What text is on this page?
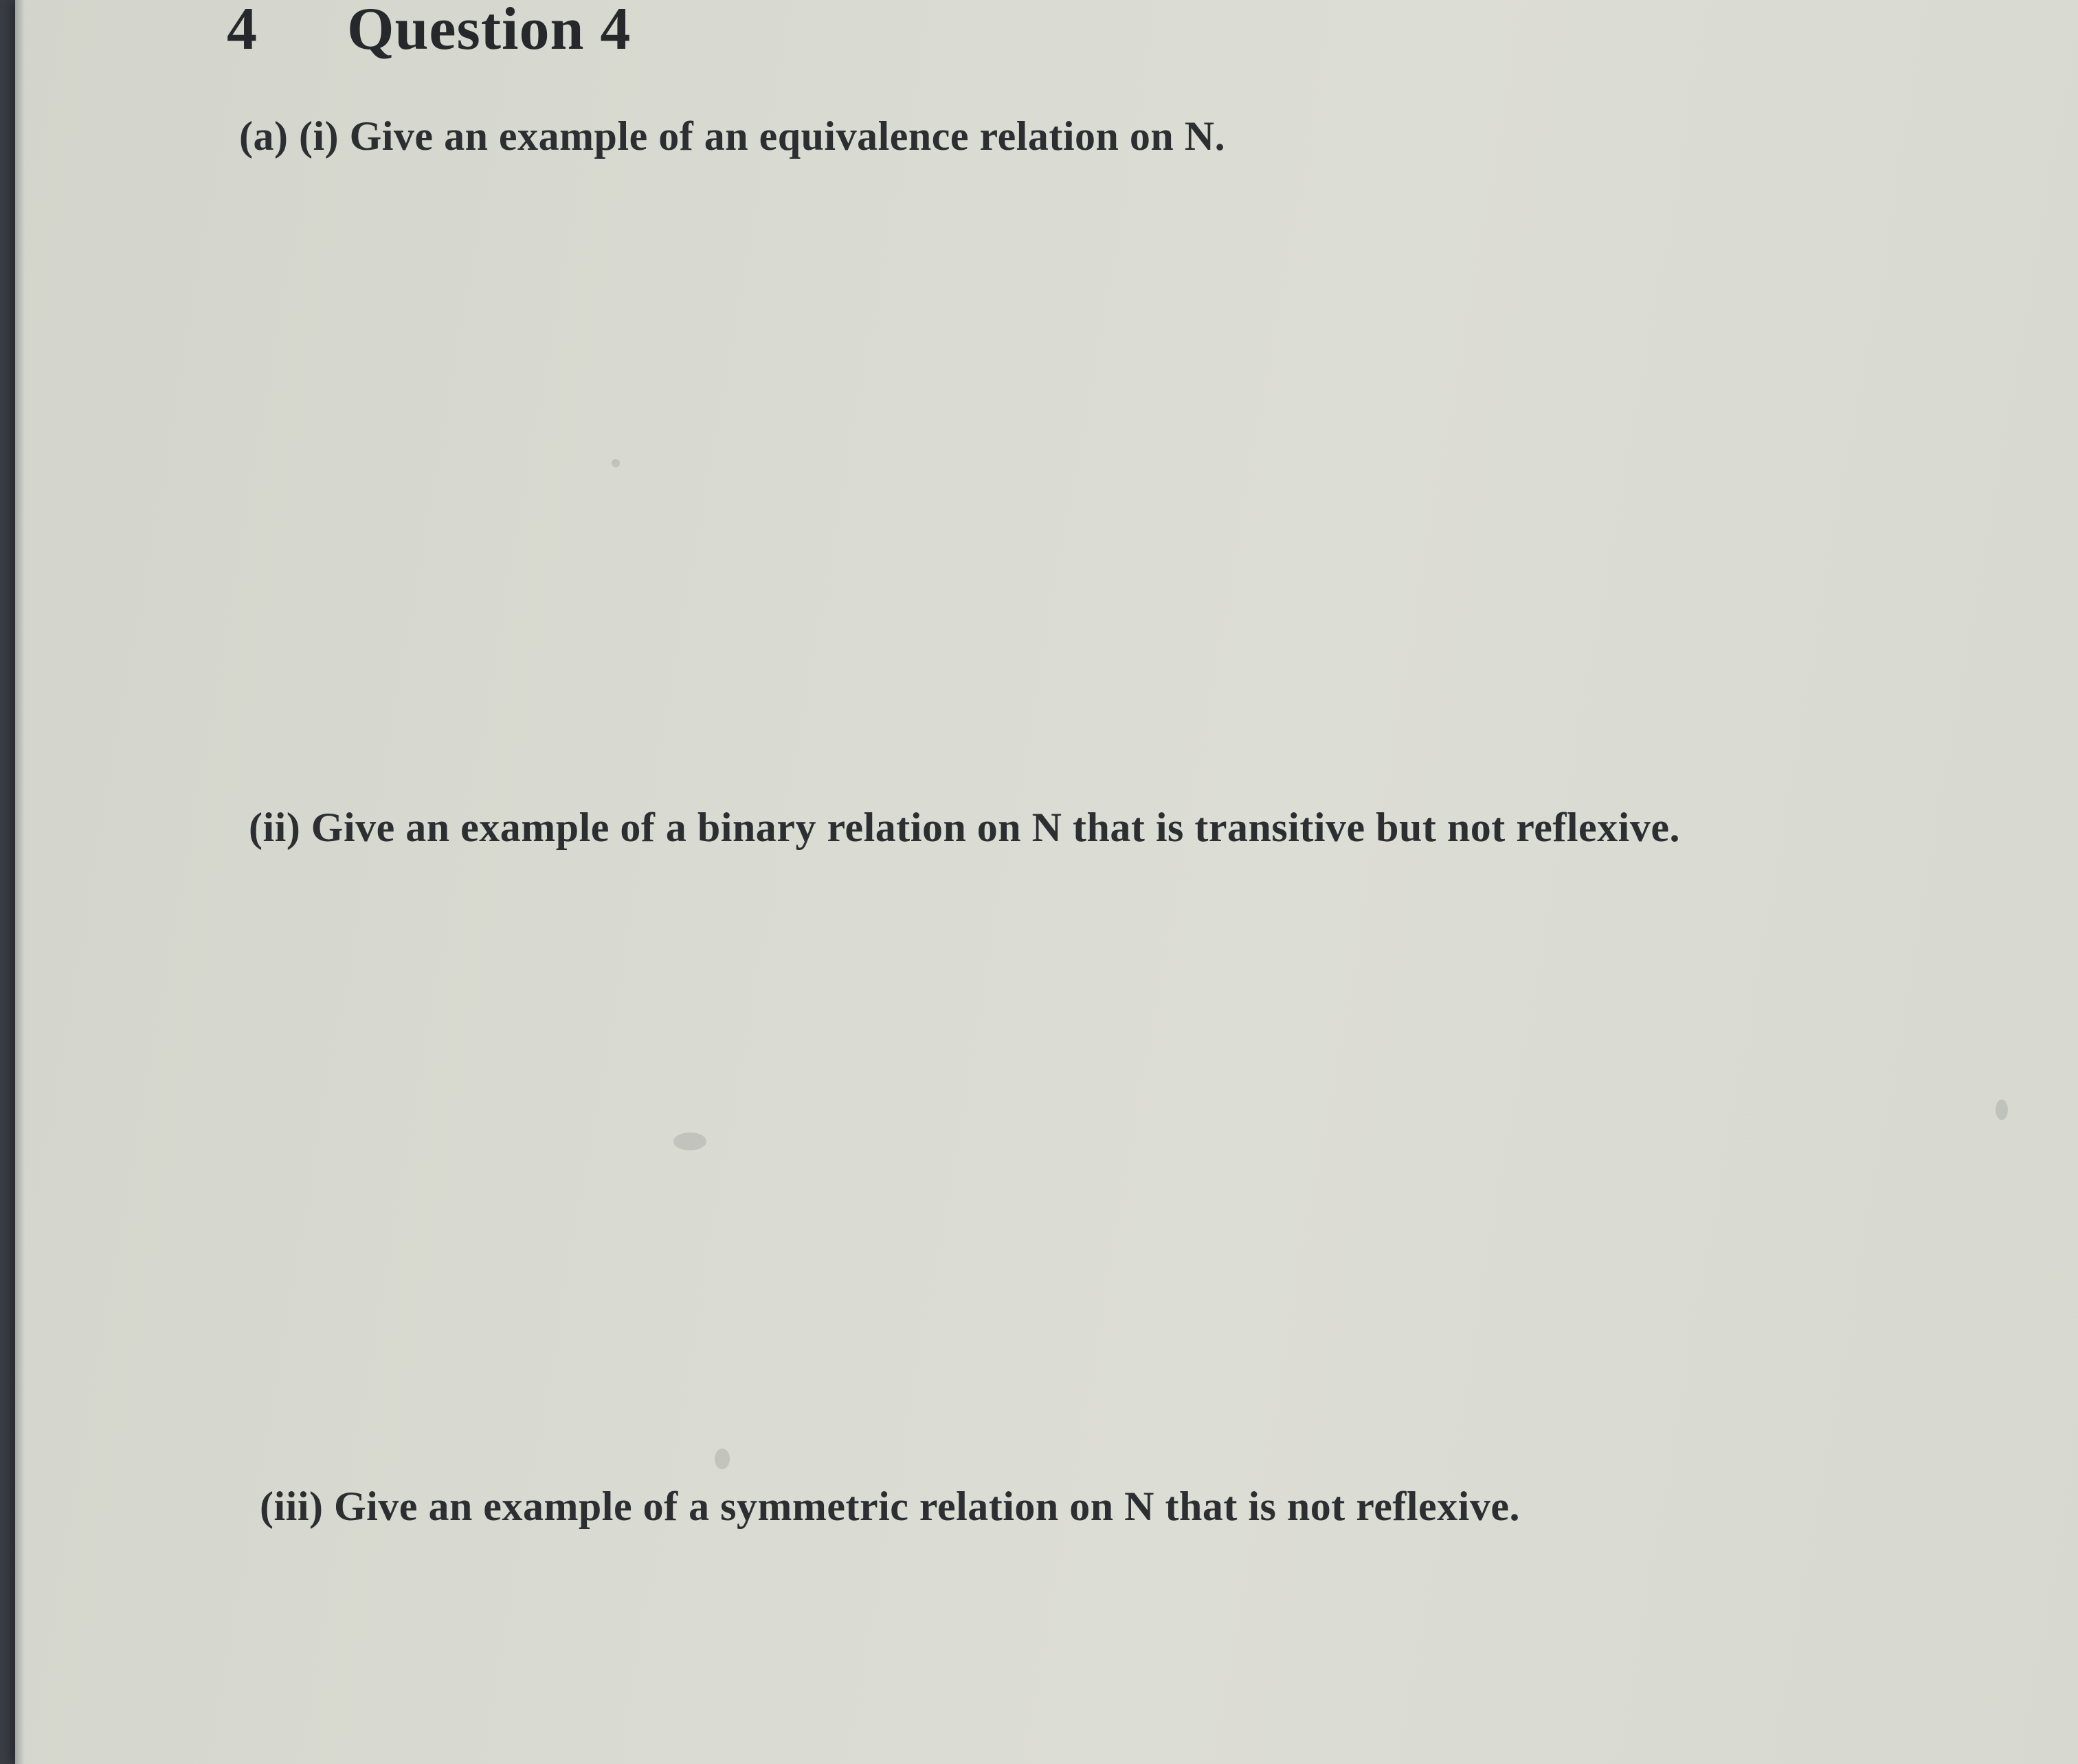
4 Question 4
(a) (i) Give an example of an equivalence relation on N.
(ii) Give an example of a binary relation on N that is transitive but not reflexive.
(iii) Give an example of a symmetric relation on N that is not reflexive.
